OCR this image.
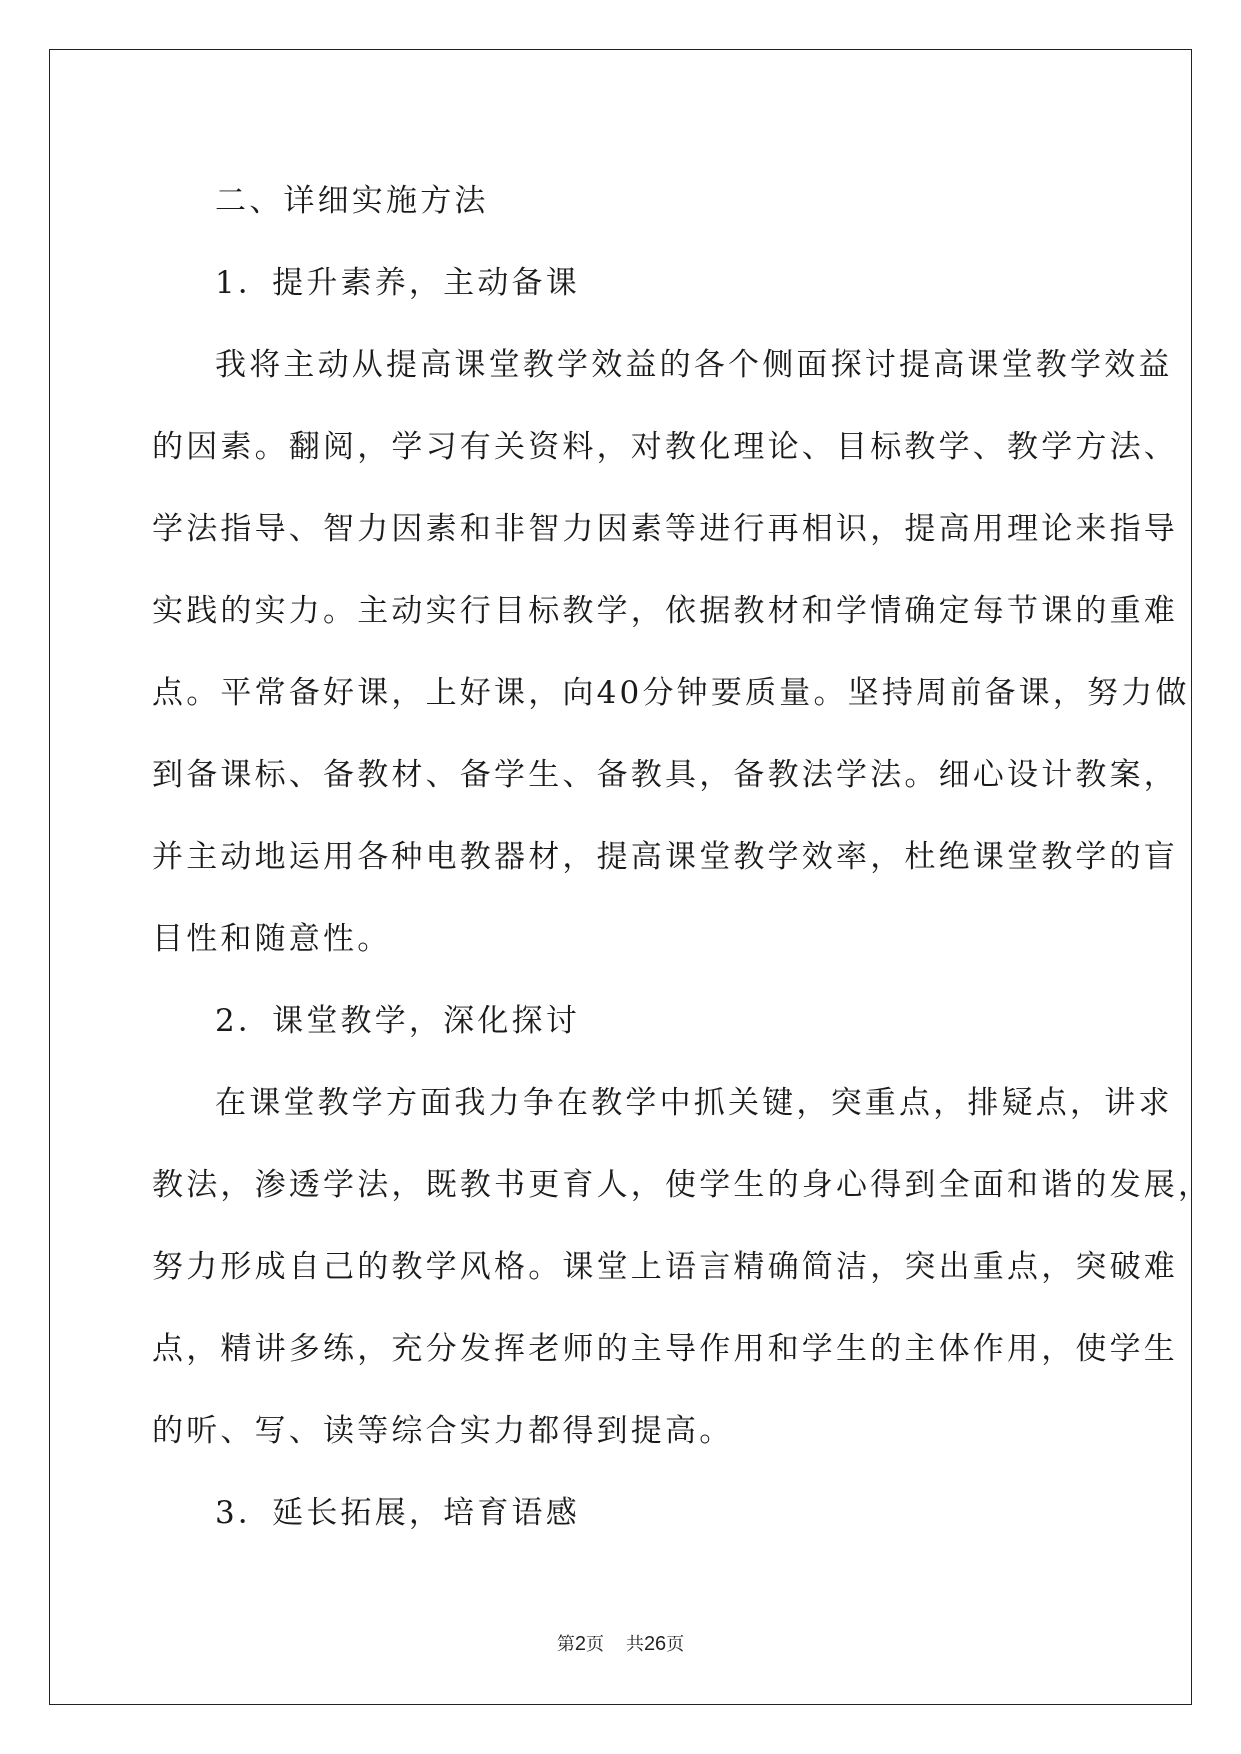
二、详细实施方法
1．提升素养，主动备课
我将主动从提高课堂教学效益的各个侧面探讨提高课堂教学效益
的因素。翻阅，学习有关资料，对教化理论、目标教学、教学方法、
学法指导、智力因素和非智力因素等进行再相识，提高用理论来指导
实践的实力。主动实行目标教学，依据教材和学情确定每节课的重难
点。平常备好课，上好课，向40分钟要质量。坚持周前备课，努力做
到备课标、备教材、备学生、备教具，备教法学法。细心设计教案，
并主动地运用各种电教器材，提高课堂教学效率，杜绝课堂教学的盲
目性和随意性。
2．课堂教学，深化探讨
在课堂教学方面我力争在教学中抓关键，突重点，排疑点，讲求
教法，渗透学法，既教书更育人，使学生的身心得到全面和谐的发展，
努力形成自己的教学风格。课堂上语言精确简洁，突出重点，突破难
点，精讲多练，充分发挥老师的主导作用和学生的主体作用，使学生
的听、写、读等综合实力都得到提高。
3．延长拓展，培育语感
第2页 共26页
